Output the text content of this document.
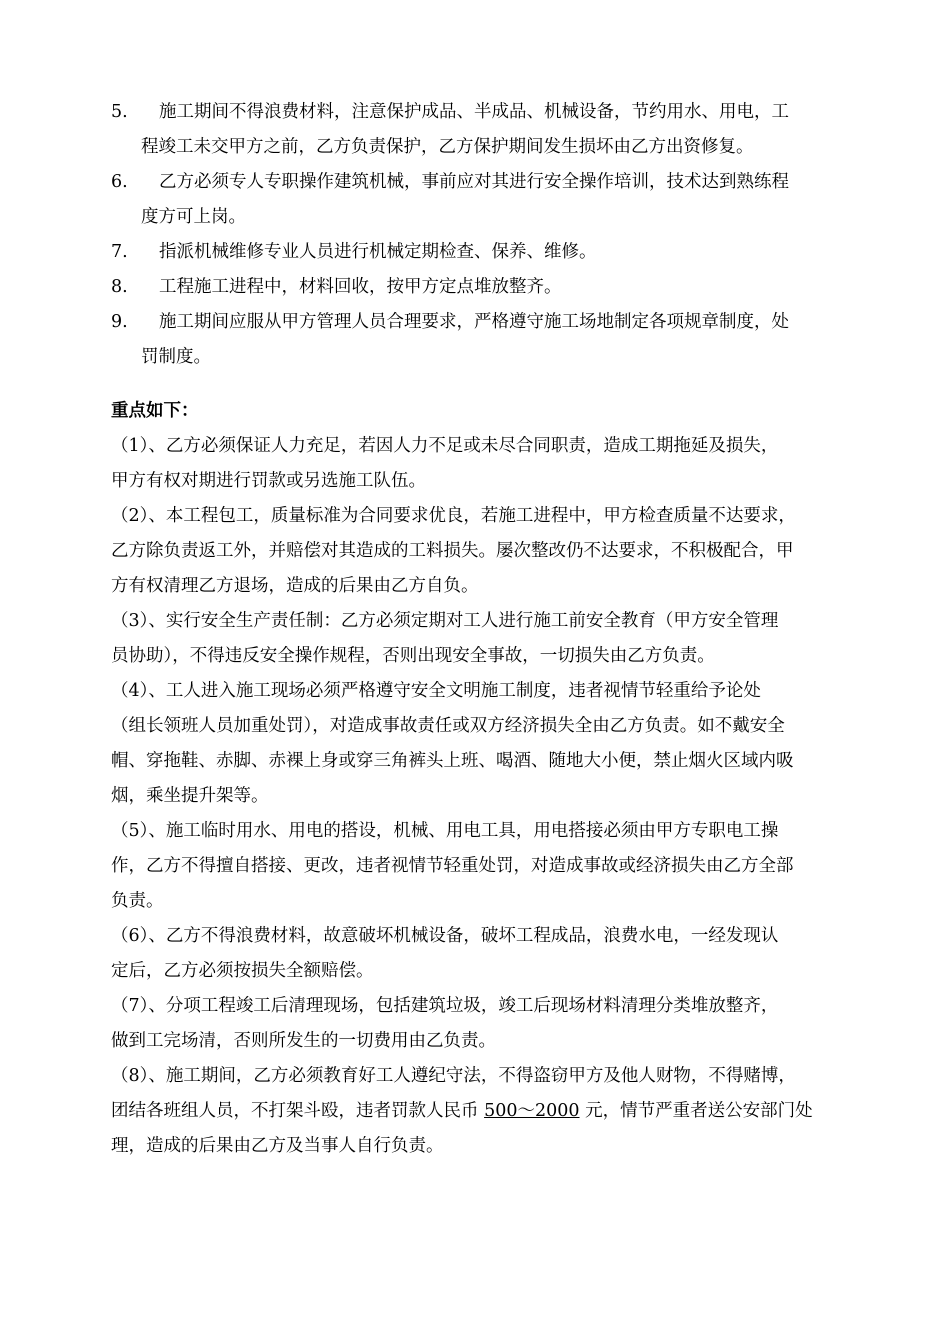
5.	施工期间不得浪费材料，注意保护成品、半成品、机械设备，节约用水、用电，工
程竣工未交甲方之前，乙方负责保护，乙方保护期间发生损坏由乙方出资修复。
6.	乙方必须专人专职操作建筑机械，事前应对其进行安全操作培训，技术达到熟练程
度方可上岗。
7.	指派机械维修专业人员进行机械定期检查、保养、维修。
8.	工程施工进程中，材料回收，按甲方定点堆放整齐。
9.	施工期间应服从甲方管理人员合理要求，严格遵守施工场地制定各项规章制度，处
罚制度。
重点如下：
（1）、乙方必须保证人力充足，若因人力不足或未尽合同职责，造成工期拖延及损失，
甲方有权对期进行罚款或另选施工队伍。
（2）、本工程包工，质量标准为合同要求优良，若施工进程中，甲方检查质量不达要求，
乙方除负责返工外，并赔偿对其造成的工料损失。屡次整改仍不达要求，不积极配合，甲
方有权清理乙方退场，造成的后果由乙方自负。
（3）、实行安全生产责任制：乙方必须定期对工人进行施工前安全教育（甲方安全管理
员协助），不得违反安全操作规程，否则出现安全事故，一切损失由乙方负责。
（4）、工人进入施工现场必须严格遵守安全文明施工制度，违者视情节轻重给予论处
（组长领班人员加重处罚），对造成事故责任或双方经济损失全由乙方负责。如不戴安全
帽、穿拖鞋、赤脚、赤裸上身或穿三角裤头上班、喝酒、随地大小便，禁止烟火区域内吸
烟，乘坐提升架等。
（5）、施工临时用水、用电的搭设，机械、用电工具，用电搭接必须由甲方专职电工操
作，乙方不得擅自搭接、更改，违者视情节轻重处罚，对造成事故或经济损失由乙方全部
负责。
（6）、乙方不得浪费材料，故意破坏机械设备，破坏工程成品，浪费水电，一经发现认
定后，乙方必须按损失全额赔偿。
（7）、分项工程竣工后清理现场，包括建筑垃圾，竣工后现场材料清理分类堆放整齐，
做到工完场清，否则所发生的一切费用由乙负责。
（8）、施工期间，乙方必须教育好工人遵纪守法，不得盗窃甲方及他人财物，不得赌博，
团结各班组人员，不打架斗殴，违者罚款人民币 500～2000 元，情节严重者送公安部门处
理，造成的后果由乙方及当事人自行负责。
